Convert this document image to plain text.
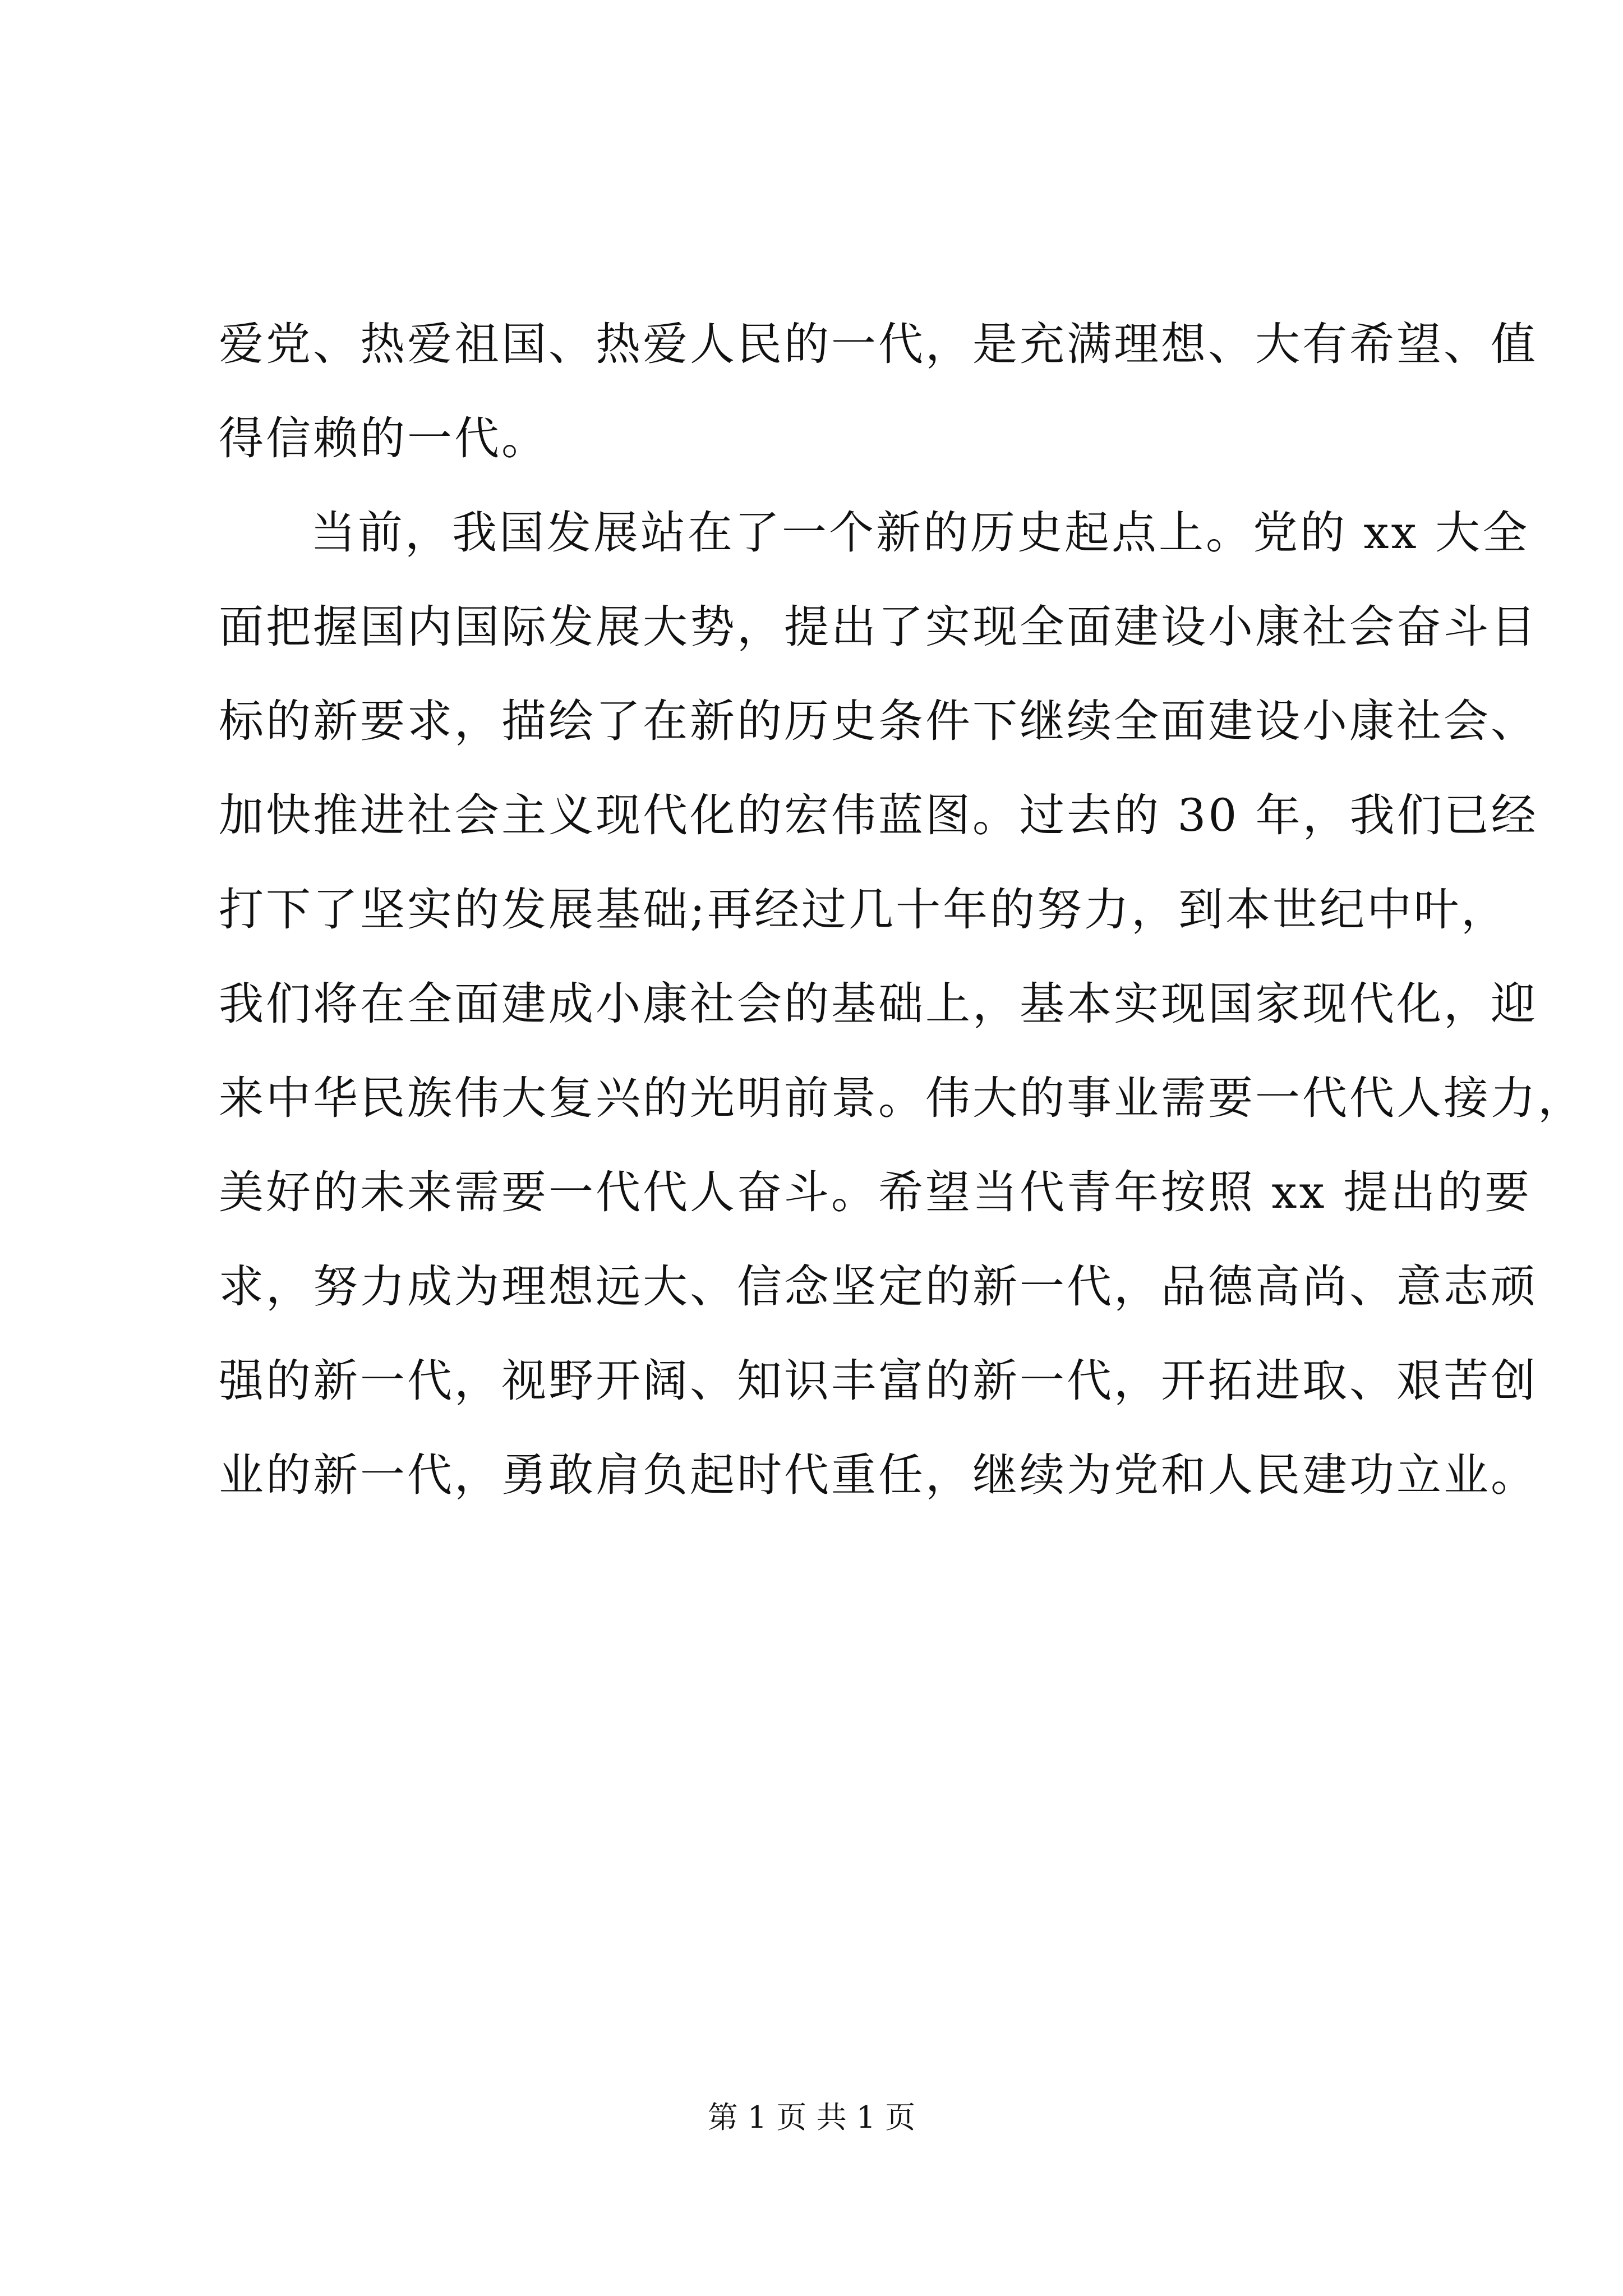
爱党、热爱祖国、热爱人民的一代，是充满理想、大有希望、值
得信赖的一代。
当前，我国发展站在了一个新的历史起点上。党的 xx 大全
面把握国内国际发展大势，提出了实现全面建设小康社会奋斗目
标的新要求，描绘了在新的历史条件下继续全面建设小康社会、
加快推进社会主义现代化的宏伟蓝图。过去的 30 年，我们已经
打下了坚实的发展基础;再经过几十年的努力，到本世纪中叶，
我们将在全面建成小康社会的基础上，基本实现国家现代化，迎
来中华民族伟大复兴的光明前景。伟大的事业需要一代代人接力，
美好的未来需要一代代人奋斗。希望当代青年按照 xx 提出的要
求，努力成为理想远大、信念坚定的新一代，品德高尚、意志顽
强的新一代，视野开阔、知识丰富的新一代，开拓进取、艰苦创
业的新一代，勇敢肩负起时代重任，继续为党和人民建功立业。
第 1 页 共 1 页
